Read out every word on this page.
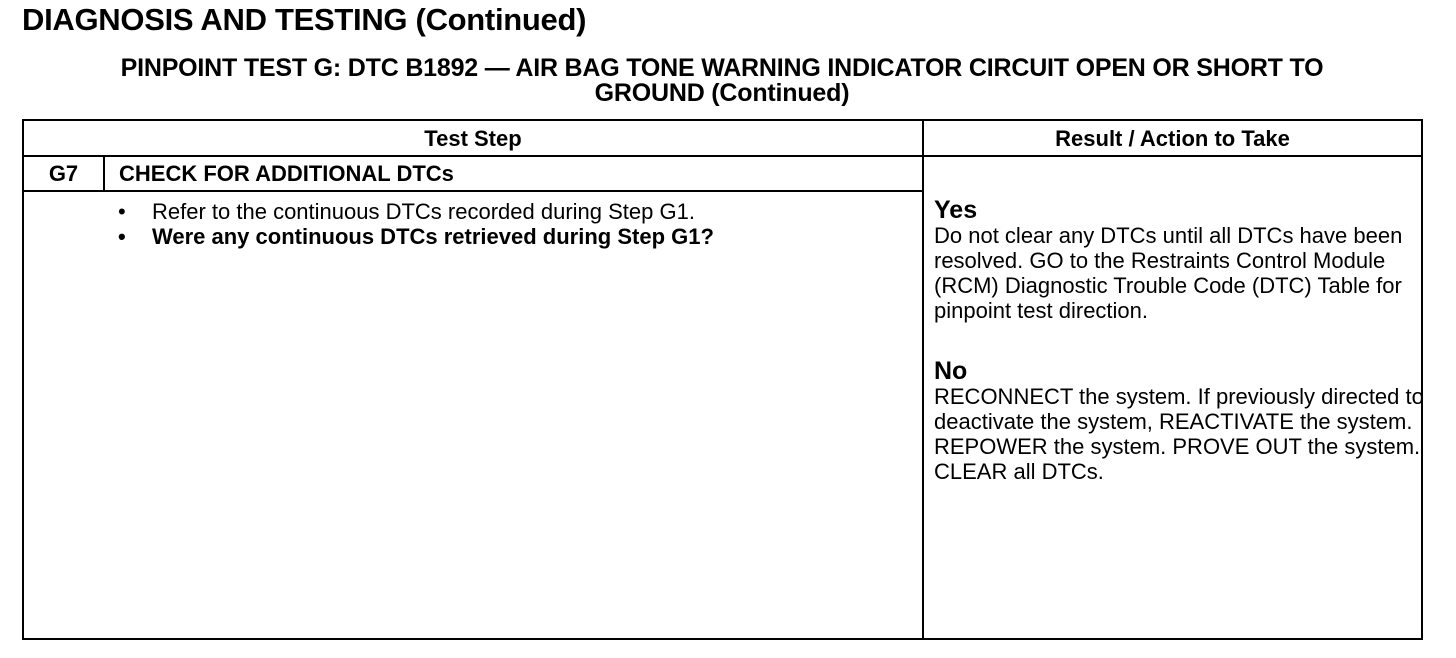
DIAGNOSIS AND TESTING (Continued)
PINPOINT TEST G: DTC B1892 — AIR BAG TONE WARNING INDICATOR CIRCUIT OPEN OR SHORT TO
GROUND (Continued)
Test Step	Result / Action to Take
G7	CHECK FOR ADDITIONAL DTCs
• Refer to the continuous DTCs recorded during Step G1.
• Were any continuous DTCs retrieved during Step G1?
Yes
Do not clear any DTCs until all DTCs have been resolved. GO to the Restraints Control Module (RCM) Diagnostic Trouble Code (DTC) Table for pinpoint test direction.
No
RECONNECT the system. If previously directed to deactivate the system, REACTIVATE the system. REPOWER the system. PROVE OUT the system. CLEAR all DTCs.
